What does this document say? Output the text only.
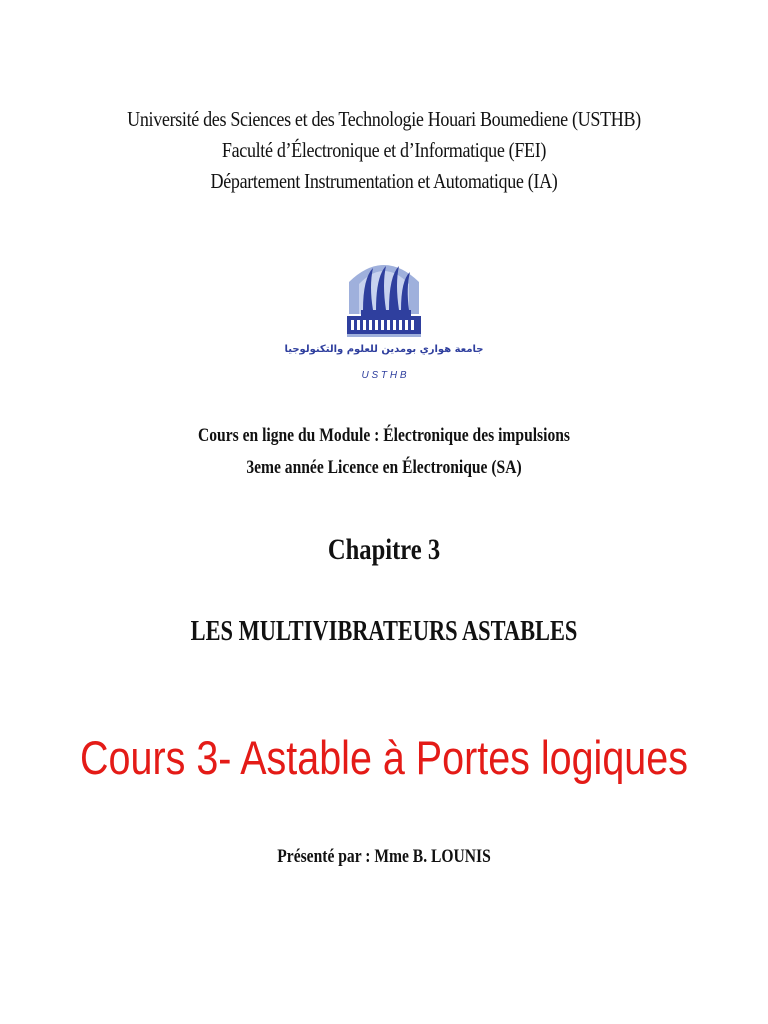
Université des Sciences et des Technologie Houari Boumediene (USTHB)
Faculté d’Électronique et d’Informatique (FEI)
Département Instrumentation et Automatique (IA)
جامعة هواري بومدين للعلوم والتكنولوجيا
U S T H B
Cours en ligne du Module : Électronique des impulsions
3eme année Licence en Électronique (SA)
Chapitre 3
LES MULTIVIBRATEURS ASTABLES
Cours 3- Astable à Portes logiques
Présenté par : Mme B. LOUNIS
